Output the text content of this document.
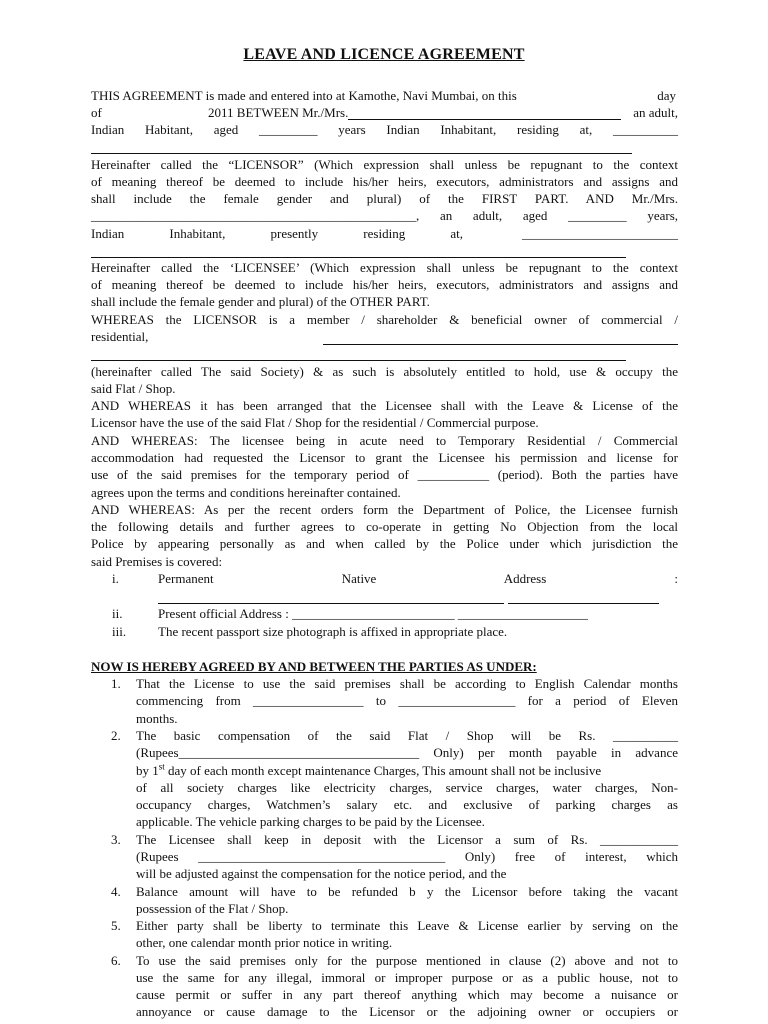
LEAVE AND LICENCE AGREEMENT
THIS AGREEMENT is made and entered into at Kamothe, Navi Mumbai, on this	day
of	2011 BETWEEN Mr./Mrs.	an adult,
Indian Habitant, aged _________ years Indian Inhabitant, residing at, __________
Hereinafter called the “LICENSOR” (Which expression shall unless be repugnant to the context
of meaning thereof be deemed to include his/her heirs, executors, administrators and assigns and
shall include the female gender and plural) of the FIRST PART. AND Mr./Mrs.
__________________________________________________, an adult, aged _________ years,
Indian Inhabitant, presently residing at,	________________________
Hereinafter called the ‘LICENSEE’ (Which expression shall unless be repugnant to the context
of meaning thereof be deemed to include his/her heirs, executors, administrators and assigns and
shall include the female gender and plural) of the OTHER PART.
WHEREAS the LICENSOR is a member / shareholder & beneficial owner of commercial /
residential,
(hereinafter called The said Society) & as such is absolutely entitled to hold, use & occupy the
said Flat / Shop.
AND WHEREAS it has been arranged that the Licensee shall with the Leave & License of the
Licensor have the use of the said Flat / Shop for the residential / Commercial purpose.
AND WHEREAS: The licensee being in acute need to Temporary Residential / Commercial
accommodation had requested the Licensor to grant the Licensee his permission and license for
use of the said premises for the temporary period of ___________ (period). Both the parties have
agrees upon the terms and conditions hereinafter contained.
AND WHEREAS: As per the recent orders form the Department of Police, the Licensee furnish
the following details and further agrees to co-operate in getting No Objection from the local
Police by appearing personally as and when called by the Police under which jurisdiction the
said Premises is covered:
i.	Permanent Native Address :
ii.	Present official Address : _________________________ ____________________
iii. The recent passport size photograph is affixed in appropriate place.
NOW IS HEREBY AGREED BY AND BETWEEN THE PARTIES AS UNDER:
1. That the License to use the said premises shall be according to English Calendar months
commencing from _________________ to __________________ for a period of Eleven
months.
2. The basic compensation of the said Flat / Shop will be Rs. __________
(Rupees_____________________________________ Only) per month payable in advance
by 1st day of each month except maintenance Charges, This amount shall not be inclusive
of all society charges like electricity charges, service charges, water charges, Non-
occupancy charges, Watchmen’s salary etc. and exclusive of parking charges as
applicable. The vehicle parking charges to be paid by the Licensee.
3. The Licensee shall keep in deposit with the Licensor a sum of Rs. ____________
(Rupees ______________________________________ Only) free of interest, which
will be adjusted against the compensation for the notice period, and the
4. Balance amount will have to be refunded b y the Licensor before taking the vacant
possession of the Flat / Shop.
5. Either party shall be liberty to terminate this Leave & License earlier by serving on the
other, one calendar month prior notice in writing.
6. To use the said premises only for the purpose mentioned in clause (2) above and not to
use the same for any illegal, immoral or improper purpose or as a public house, not to
cause permit or suffer in any part thereof anything which may become a nuisance or
annoyance or cause damage to the Licensor or the adjoining owner or occupiers or
